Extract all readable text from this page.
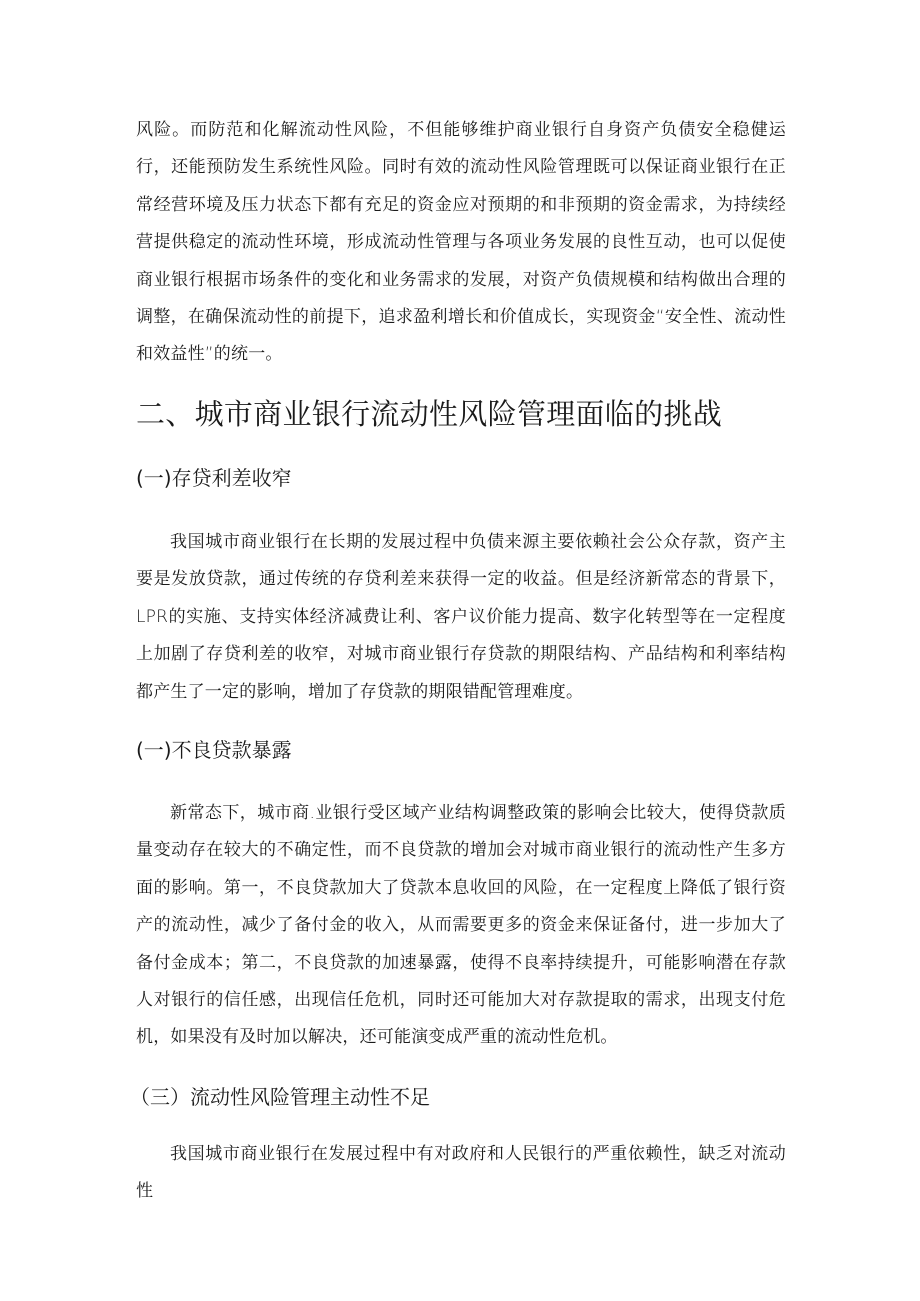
风险。而防范和化解流动性风险，不但能够维护商业银行自身资产负债安全稳健运行，还能预防发生系统性风险。同时有效的流动性风险管理既可以保证商业银行在正常经营环境及压力状态下都有充足的资金应对预期的和非预期的资金需求，为持续经营提供稳定的流动性环境，形成流动性管理与各项业务发展的良性互动，也可以促使商业银行根据市场条件的变化和业务需求的发展，对资产负债规模和结构做出合理的调整，在确保流动性的前提下，追求盈利增长和价值成长，实现资金“安全性、流动性和效益性”的统一。

二、城市商业银行流动性风险管理面临的挑战
(一)存贷利差收窄

我国城市商业银行在长期的发展过程中负债来源主要依赖社会公众存款，资产主要是发放贷款，通过传统的存贷利差来获得一定的收益。但是经济新常态的背景下，LPR的实施、支持实体经济减费让利、客户议价能力提高、数字化转型等在一定程度上加剧了存贷利差的收窄，对城市商业银行存贷款的期限结构、产品结构和利率结构都产生了一定的影响，增加了存贷款的期限错配管理难度。

(一)不良贷款暴露

新常态下，城市商.业银行受区域产业结构调整政策的影响会比较大，使得贷款质量变动存在较大的不确定性，而不良贷款的增加会对城市商业银行的流动性产生多方面的影响。第一，不良贷款加大了贷款本息收回的风险，在一定程度上降低了银行资产的流动性，减少了备付金的收入，从而需要更多的资金来保证备付，进一步加大了备付金成本；第二，不良贷款的加速暴露，使得不良率持续提升，可能影响潜在存款人对银行的信任感，出现信任危机，同时还可能加大对存款提取的需求，出现支付危机，如果没有及时加以解决，还可能演变成严重的流动性危机。

（三）流动性风险管理主动性不足

我国城市商业银行在发展过程中有对政府和人民银行的严重依赖性，缺乏对流动性
